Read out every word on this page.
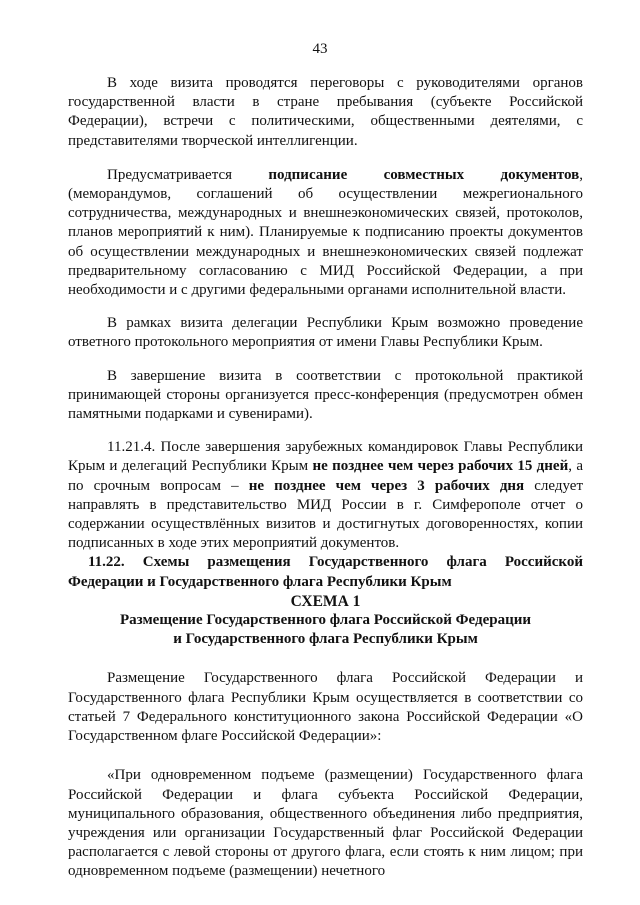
43

В ходе визита проводятся переговоры с руководителями органов государственной власти в стране пребывания (субъекте Российской Федерации), встречи с политическими, общественными деятелями, с представителями творческой интеллигенции.

Предусматривается подписание совместных документов, (меморандумов, соглашений об осуществлении межрегионального сотрудничества, международных и внешнеэкономических связей, протоколов, планов мероприятий к ним). Планируемые к подписанию проекты документов об осуществлении международных и внешнеэкономических связей подлежат предварительному согласованию с МИД Российской Федерации, а при необходимости и с другими федеральными органами исполнительной власти.

В рамках визита делегации Республики Крым возможно проведение ответного протокольного мероприятия от имени Главы Республики Крым.

В завершение визита в соответствии с протокольной практикой принимающей стороны организуется пресс-конференция (предусмотрен обмен памятными подарками и сувенирами).

11.21.4. После завершения зарубежных командировок Главы Республики Крым и делегаций Республики Крым не позднее чем через рабочих 15 дней, а по срочным вопросам – не позднее чем через 3 рабочих дня следует направлять в представительство МИД России в г. Симферополе отчет о содержании осуществлённых визитов и достигнутых договоренностях, копии подписанных в ходе этих мероприятий документов.

11.22. Схемы размещения Государственного флага Российской Федерации и Государственного флага Республики Крым

СХЕМА 1

Размещение Государственного флага Российской Федерации

и Государственного флага Республики Крым

Размещение Государственного флага Российской Федерации и Государственного флага Республики Крым осуществляется в соответствии со статьей 7 Федерального конституционного закона Российской Федерации «О Государственном флаге Российской Федерации»:

«При одновременном подъеме (размещении) Государственного флага Российской Федерации и флага субъекта Российской Федерации, муниципального образования, общественного объединения либо предприятия, учреждения или организации Государственный флаг Российской Федерации располагается с левой стороны от другого флага, если стоять к ним лицом; при одновременном подъеме (размещении) нечетного
